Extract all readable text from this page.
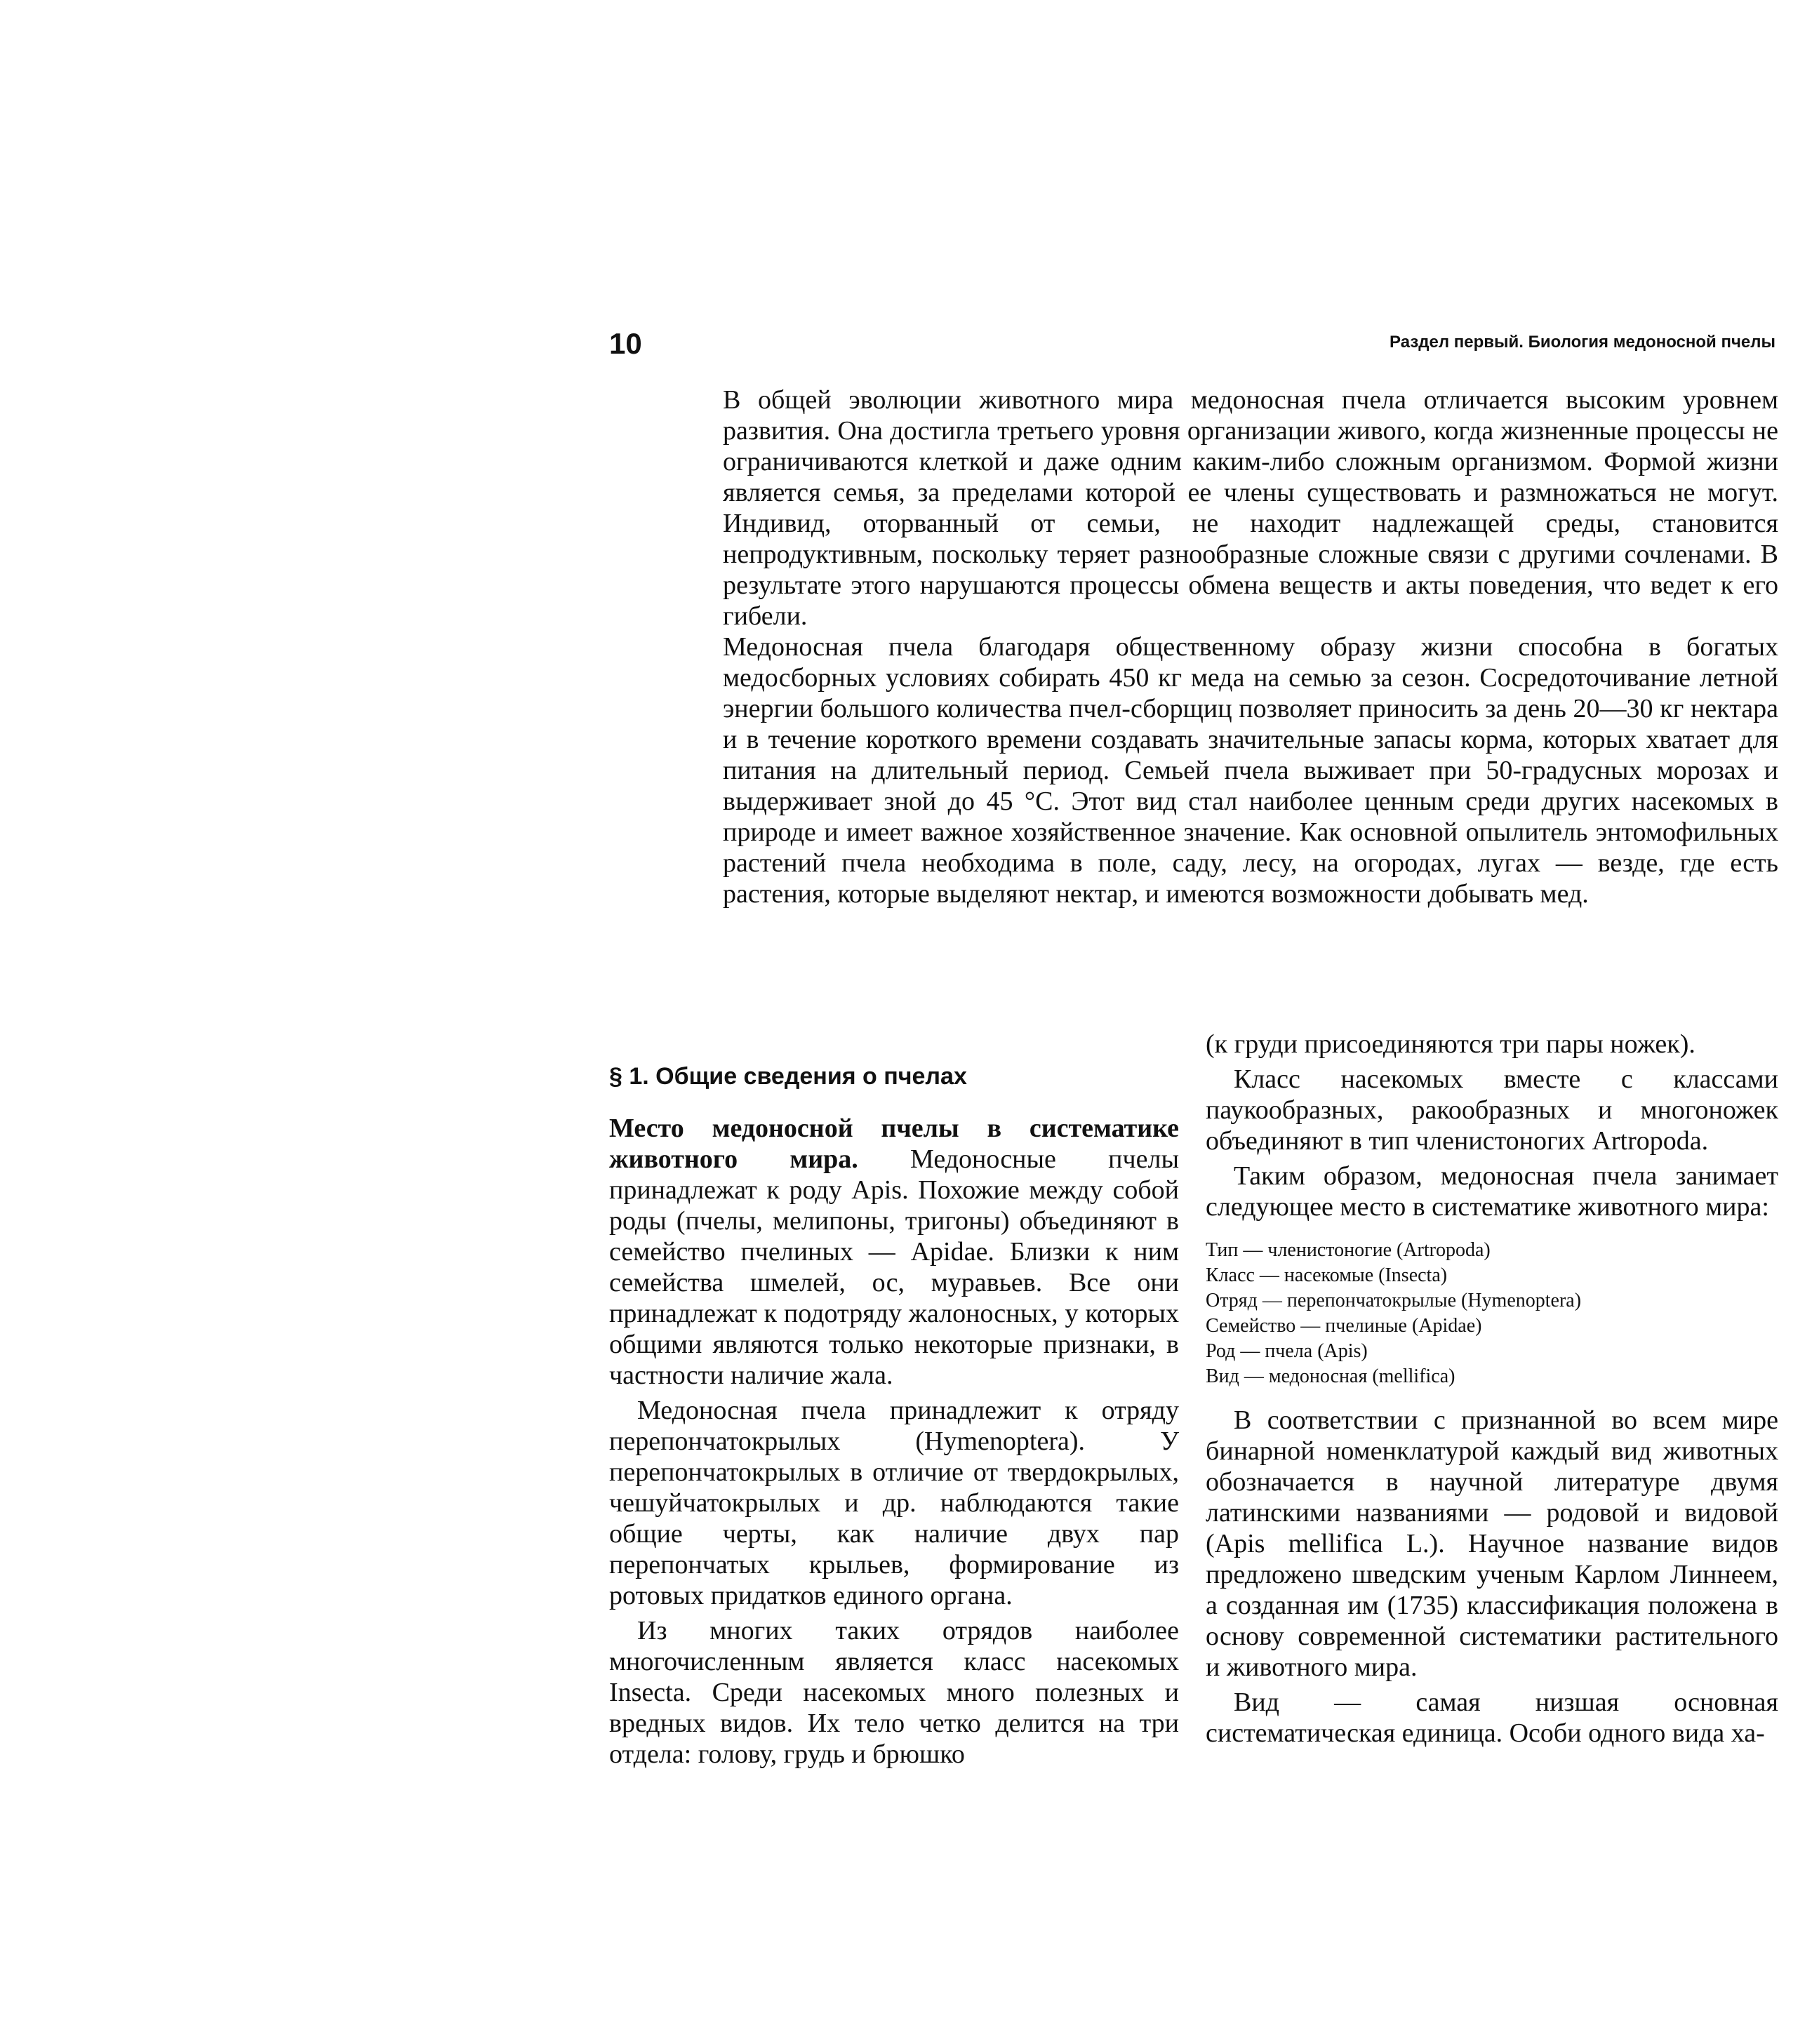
10	Раздел первый. Биология медоносной пчелы

В общей эволюции животного мира медоносная пчела отличается высоким уровнем развития. Она достигла третьего уровня организации живого, когда жизненные процессы не ограничиваются клеткой и даже одним каким-либо сложным организмом. Формой жизни является семья, за пределами которой ее члены существовать и размножаться не могут. Индивид, оторванный от семьи, не находит надлежащей среды, становится непродуктивным, поскольку теряет разнообразные сложные связи с другими сочленами. В результате этого нарушаются процессы обмена веществ и акты поведения, что ведет к его гибели.

Медоносная пчела благодаря общественному образу жизни способна в богатых медосборных условиях собирать 450 кг меда на семью за сезон. Сосредоточивание летной энергии большого количества пчел-сборщиц позволяет приносить за день 20—30 кг нектара и в течение короткого времени создавать значительные запасы корма, которых хватает для питания на длительный период. Семьей пчела выживает при 50-градусных морозах и выдерживает зной до 45 °С. Этот вид стал наиболее ценным среди других насекомых в природе и имеет важное хозяйственное значение. Как основной опылитель энтомофильных растений пчела необходима в поле, саду, лесу, на огородах, лугах — везде, где есть растения, которые выделяют нектар, и имеются возможности добывать мед.

§ 1. Общие сведения о пчелах

Место медоносной пчелы в систематике животного мира. Медоносные пчелы принадлежат к роду Apis. Похожие между собой роды (пчелы, мелипоны, тригоны) объединяют в семейство пчелиных — Apidae. Близки к ним семейства шмелей, ос, муравьев. Все они принадлежат к подотряду жалоносных, у которых общими являются только некоторые признаки, в частности наличие жала.

Медоносная пчела принадлежит к отряду перепончатокрылых (Hymenoptera). У перепончатокрылых в отличие от твердокрылых, чешуйчатокрылых и др. наблюдаются такие общие черты, как наличие двух пар перепончатых крыльев, формирование из ротовых придатков единого органа.

Из многих таких отрядов наиболее многочисленным является класс насекомых Insecta. Среди насекомых много полезных и вредных видов. Их тело четко делится на три отдела: голову, грудь и брюшко

(к груди присоединяются три пары ножек).

Класс насекомых вместе с классами паукообразных, ракообразных и многоножек объединяют в тип членистоногих Artropoda.

Таким образом, медоносная пчела занимает следующее место в систематике животного мира:

Тип — членистоногие (Artropoda)
Класс — насекомые (Insecta)
Отряд — перепончатокрылые (Hymenoptera)
Семейство — пчелиные (Apidae)
Род — пчела (Apis)
Вид — медоносная (mellifica)

В соответствии с признанной во всем мире бинарной номенклатурой каждый вид животных обозначается в научной литературе двумя латинскими названиями — родовой и видовой (Apis mellifica L.). Научное название видов предложено шведским ученым Карлом Линнеем, а созданная им (1735) классификация положена в основу современной систематики растительного и животного мира.

Вид — самая низшая основная систематическая единица. Особи одного вида ха-
